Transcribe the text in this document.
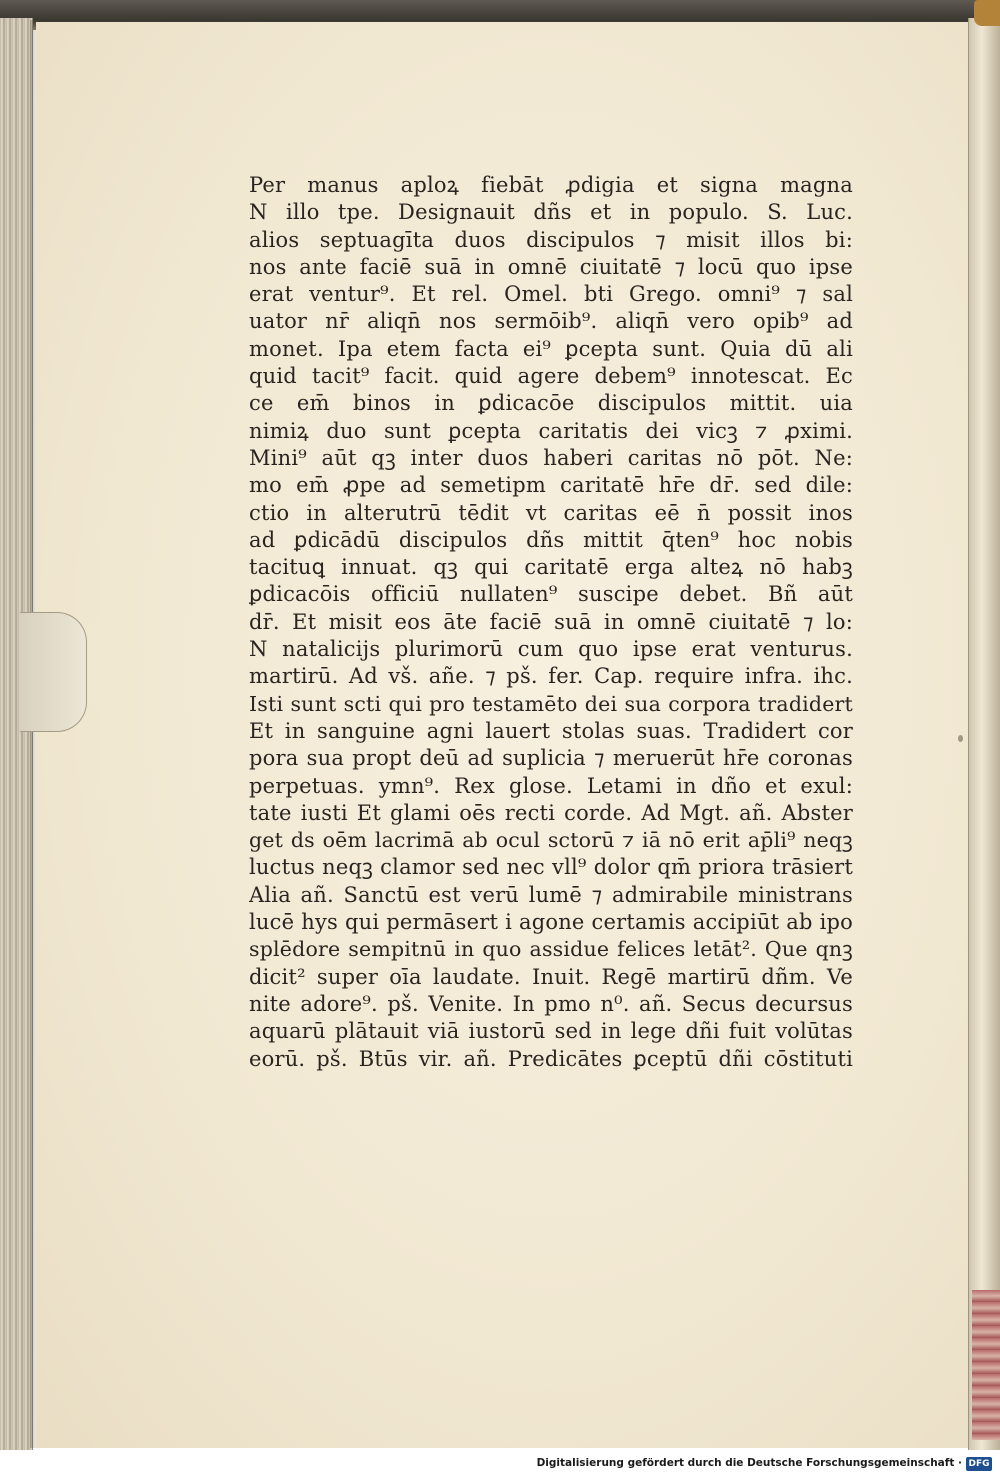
Per manus aploꝝ fiebāt ꝓdigia et signa magna
N illo tpe. Designauit dñs et in populo. S. Luc.
alios septuagīta duos discipulos ⁊ misit illos bi:
nos ante faciē suā in omnē ciuitatē ⁊ locū quo ipse
erat ventur⁹. Et rel. Omel. bti Grego. omni⁹ ⁊ sal
uator nr̄ aliqn̄ nos sermōib⁹. aliqn̄ vero opib⁹ ad
monet. Ipa etem facta ei⁹ ꝑcepta sunt. Quia dū ali
quid tacit⁹ facit. quid agere debem⁹ innotescat. Ec
ce em̄ binos in ꝑdicacōe discipulos mittit. uia
nimiꝝ duo sunt ꝑcepta caritatis dei vicꝫ ⁊ ꝓximi.
Mini⁹ aūt qꝫ inter duos haberi caritas nō pōt. Ne:
mo em̄ ꝓpe ad semetipm caritatē hr̄e dr̄. sed dile:
ctio in alterutrū tēdit vt caritas eē n̄ possit inos
ad ꝑdicādū discipulos dñs mittit q̄ten⁹ hoc nobis
tacituꝗ innuat. qꝫ qui caritatē erga alteꝝ nō habꝫ
ꝑdicacōis officiū nullaten⁹ suscipe debet. Bñ aūt
dr̄. Et misit eos āte faciē suā in omnē ciuitatē ⁊ lo:
N natalicijs plurimorū cum quo ipse erat venturus.
martirū. Ad vš. añe. ⁊ pš. fer. Cap. require infra. ihc.
Isti sunt scti qui pro testamēto dei sua corpora tradidert
Et in sanguine agni lauert stolas suas. Tradidert cor
pora sua propt deū ad suplicia ⁊ meruerūt hr̄e coronas
perpetuas. ymn⁹. Rex glose. Letami in dño et exul:
tate iusti Et glami oēs recti corde. Ad Mgt. añ. Abster
get ds oēm lacrimā ab ocul sctorū ⁊ iā nō erit ap̄li⁹ neqꝫ
luctus neqꝫ clamor sed nec vll⁹ dolor qm̄ priora trāsiert
Alia añ. Sanctū est verū lumē ⁊ admirabile ministrans
lucē hys qui permāsert i agone certamis accipiūt ab ipo
splēdore sempitnū in quo assidue felices letāt². Que qnꝫ
dicit² super oīa laudate. Inuit. Regē martirū dñm. Ve
nite adore⁹. pš. Venite. In pmo n⁰. añ. Secus decursus
aquarū plātauit viā iustorū sed in lege dñi fuit volūtas
eorū. pš. Btūs vir. añ. Predicātes ꝑceptū dñi cōstituti
Digitalisierung gefördert durch die Deutsche Forschungsgemeinschaft · DFG
